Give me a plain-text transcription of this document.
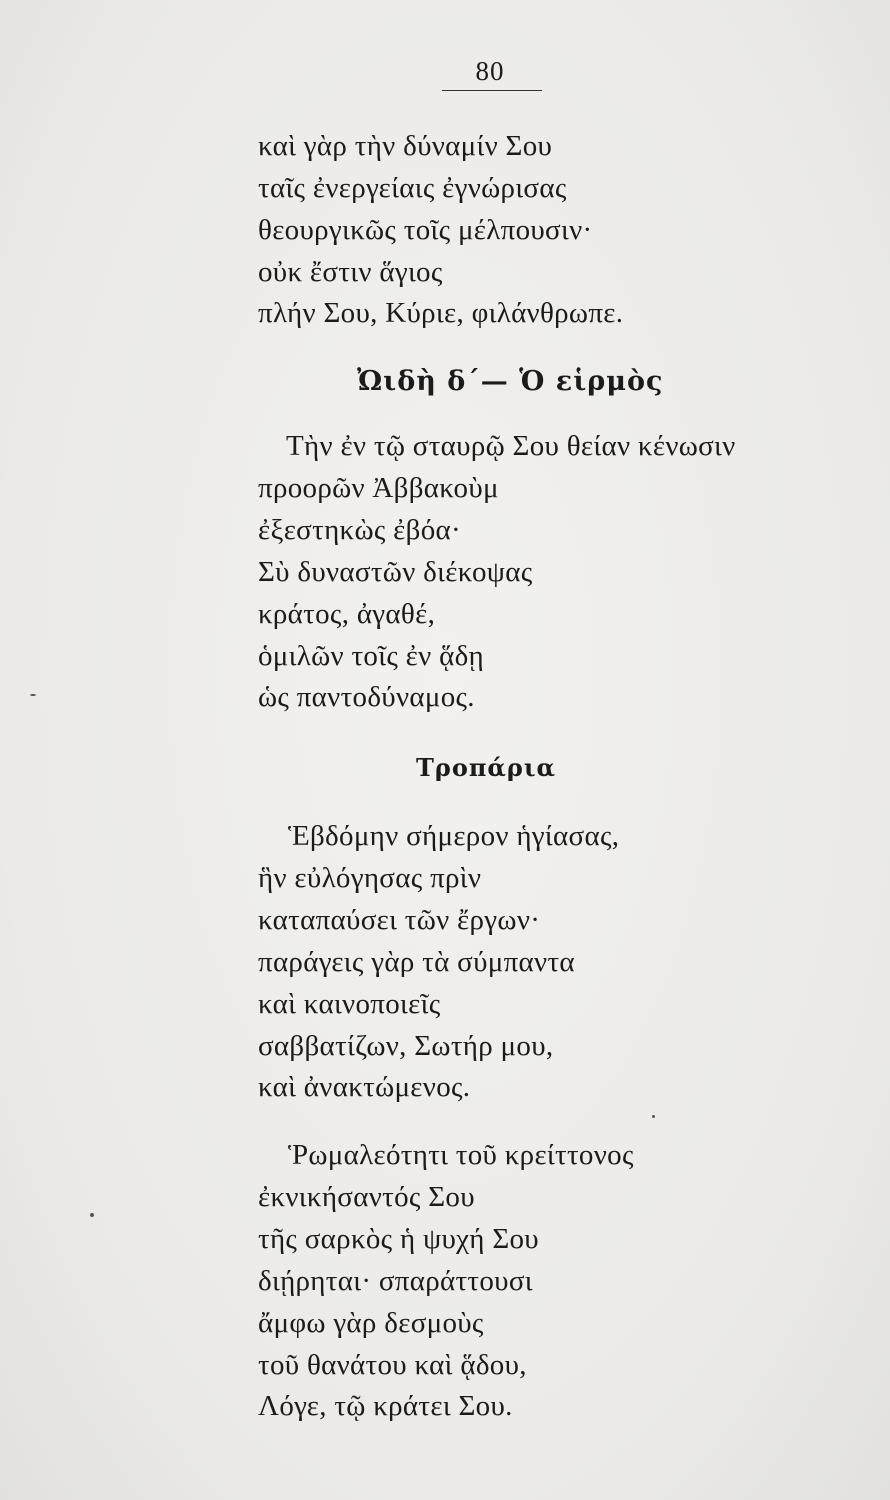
80
καὶ γὰρ τὴν δύναμίν Σου
ταῖς ἐνεργείαις ἐγνώρισας
θεουργικῶς τοῖς μέλπουσιν·
οὐκ ἔστιν ἅγιος
πλήν Σου, Κύριε, φιλάνθρωπε.
Ὠιδὴ δ΄— Ὁ εἱρμὸς
Τὴν ἐν τῷ σταυρῷ Σου θείαν κένωσιν
προορῶν Ἀββακοὺμ
ἐξεστηκὼς ἐβόα·
Σὺ δυναστῶν διέκοψας
κράτος, ἀγαθέ,
ὁμιλῶν τοῖς ἐν ᾅδῃ
ὡς παντοδύναμος.
Τροπάρια
Ἑβδόμην σήμερον ἡγίασας,
ἣν εὐλόγησας πρὶν
καταπαύσει τῶν ἔργων·
παράγεις γὰρ τὰ σύμπαντα
καὶ καινοποιεῖς
σαββατίζων, Σωτήρ μου,
καὶ ἀνακτώμενος.
Ῥωμαλεότητι τοῦ κρείττονος
ἐκνικήσαντός Σου
τῆς σαρκὸς ἡ ψυχή Σου
διῄρηται· σπαράττουσι
ἄμφω γὰρ δεσμοὺς
τοῦ θανάτου καὶ ᾅδου,
Λόγε, τῷ κράτει Σου.
